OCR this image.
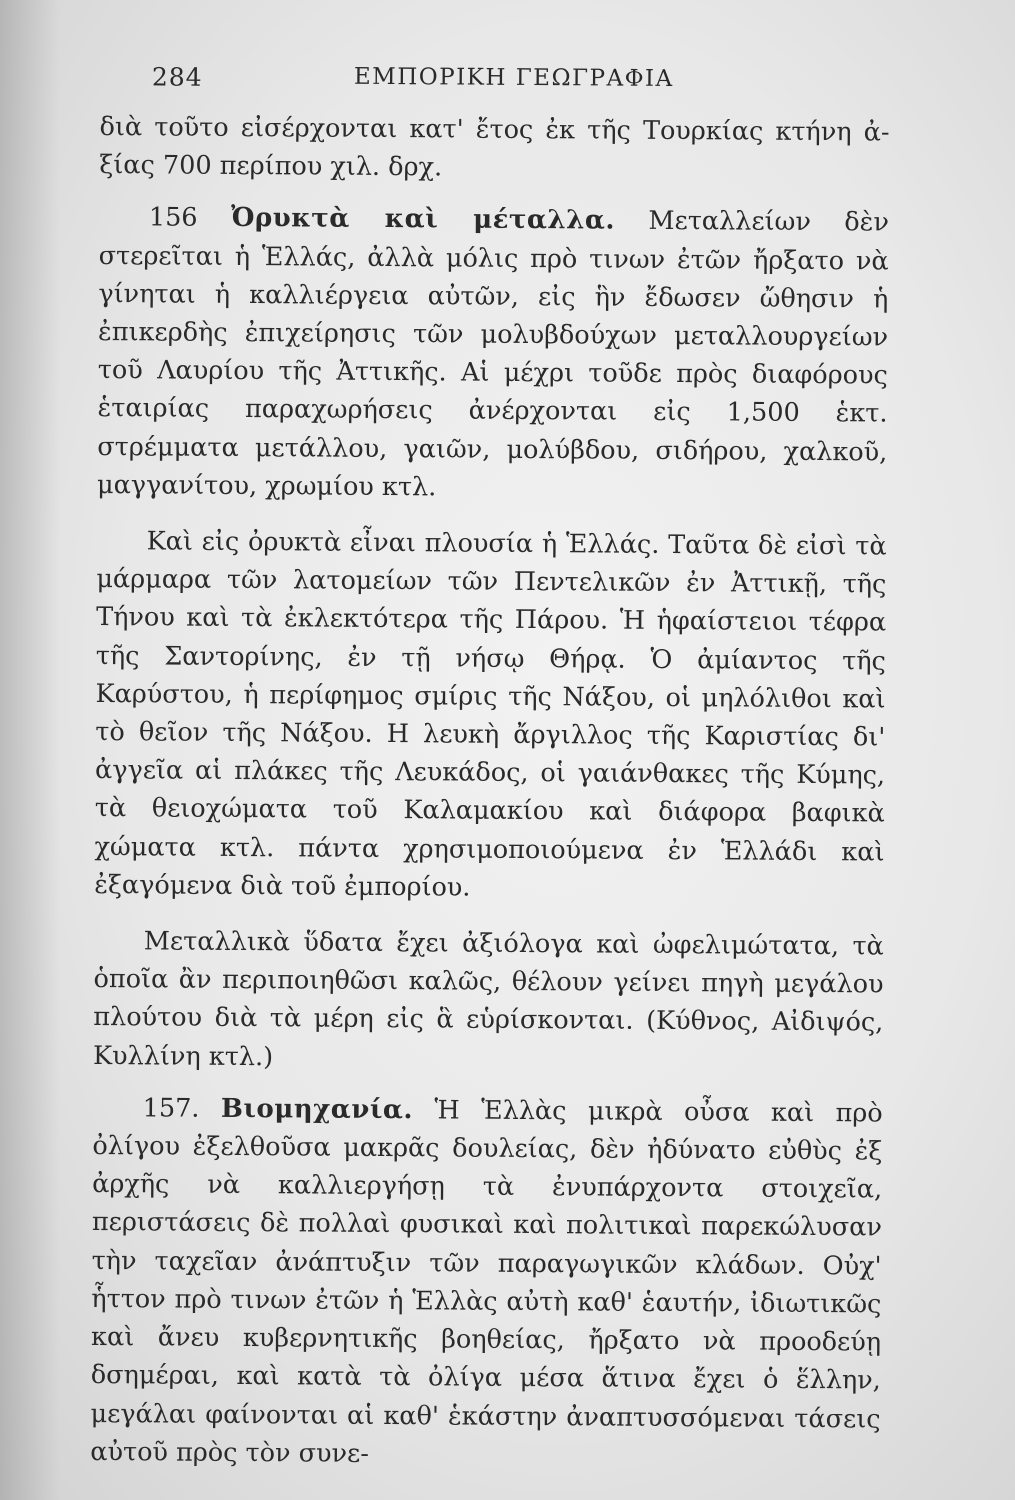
284	ΕΜΠΟΡΙΚΗ ΓΕΩΓΡΑΦΙΑ

διὰ τοῦτο εἰσέρχονται κατ' ἔτος ἐκ τῆς Τουρκίας κτήνη ἀ-ξίας 700 περίπου χιλ. δρχ.

156 Ὀρυκτὰ καὶ μέταλλα. Μεταλλείων δὲν στερεῖται ἡ Ἑλλάς, ἀλλὰ μόλις πρὸ τινων ἐτῶν ἤρξατο νὰ γίνηται ἡ καλλιέργεια αὐτῶν, εἰς ἣν ἔδωσεν ὤθησιν ἡ ἐπικερδὴς ἐπιχείρησις τῶν μολυβδούχων μεταλλουργείων τοῦ Λαυρίου τῆς Ἀττικῆς. Αἱ μέχρι τοῦδε πρὸς διαφόρους ἑταιρίας παραχωρήσεις ἀνέρχονται εἰς 1,500 ἑκτ. στρέμματα μετάλλου, γαιῶν, μολύβδου, σιδήρου, χαλκοῦ, μαγγανίτου, χρωμίου κτλ.

Καὶ εἰς ὀρυκτὰ εἶναι πλουσία ἡ Ἑλλάς. Ταῦτα δὲ εἰσὶ τὰ μάρμαρα τῶν λατομείων τῶν Πεντελικῶν ἐν Ἀττικῇ, τῆς Τήνου καὶ τὰ ἐκλεκτότερα τῆς Πάρου. Ἡ ἡφαίστειοι τέφρα τῆς Σαντορίνης, ἐν τῇ νήσῳ Θήρᾳ. Ὁ ἀμίαντος τῆς Καρύστου, ἡ περίφημος σμίρις τῆς Νάξου, οἱ μηλόλιθοι καὶ τὸ θεῖον τῆς Νάξου. Η λευκὴ ἄργιλλος τῆς Καριστίας δι' ἀγγεῖα αἱ πλάκες τῆς Λευκάδος, οἱ γαιάνθακες τῆς Κύμης, τὰ θειοχώματα τοῦ Καλαμακίου καὶ διάφορα βαφικὰ χώματα κτλ. πάντα χρησιμοποιούμενα ἐν Ἑλλάδι καὶ ἐξαγόμενα διὰ τοῦ ἐμπορίου.

Μεταλλικὰ ὕδατα ἔχει ἀξιόλογα καὶ ὠφελιμώτατα, τὰ ὁποῖα ἂν περιποιηθῶσι καλῶς, θέλουν γείνει πηγὴ μεγάλου πλούτου διὰ τὰ μέρη εἰς ἃ εὑρίσκονται. (Κύθνος, Αἰδιψός, Κυλλίνη κτλ.)

157. Βιομηχανία. Ἡ Ἑλλὰς μικρὰ οὖσα καὶ πρὸ ὀλίγου ἐξελθοῦσα μακρᾶς δουλείας, δὲν ἠδύνατο εὐθὺς ἐξ ἀρχῆς νὰ καλλιεργήσῃ τὰ ἐνυπάρχοντα στοιχεῖα, περιστάσεις δὲ πολλαὶ φυσικαὶ καὶ πολιτικαὶ παρεκώλυσαν τὴν ταχεῖαν ἀνάπτυξιν τῶν παραγωγικῶν κλάδων. Οὐχ' ἧττον πρὸ τινων ἐτῶν ἡ Ἑλλὰς αὐτὴ καθ' ἑαυτήν, ἰδιωτικῶς καὶ ἄνευ κυβερνητικῆς βοηθείας, ἤρξατο νὰ προοδεύῃ δσημέραι, καὶ κατὰ τὰ ὀλίγα μέσα ἅτινα ἔχει ὁ ἕλλην, μεγάλαι φαίνονται αἱ καθ' ἑκάστην ἀναπτυσσόμεναι τάσεις αὐτοῦ πρὸς τὸν συνε-
